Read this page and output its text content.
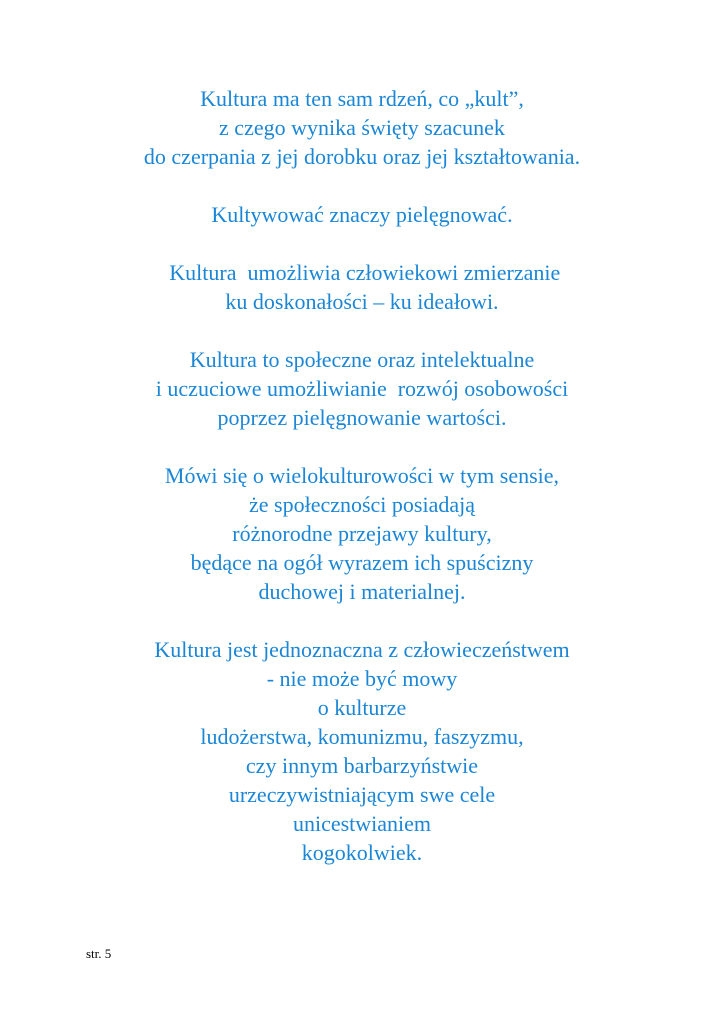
Kultura ma ten sam rdzeń, co „kult”,
z czego wynika święty szacunek
do czerpania z jej dorobku oraz jej kształtowania.
Kultywować znaczy pielęgnować.
Kultura  umożliwia człowiekowi zmierzanie
ku doskonałości – ku ideałowi.
Kultura to społeczne oraz intelektualne
i uczuciowe umożliwianie  rozwój osobowości
poprzez pielęgnowanie wartości.
Mówi się o wielokulturowości w tym sensie,
że społeczności posiadają
różnorodne przejawy kultury,
będące na ogół wyrazem ich spuścizny
duchowej i materialnej.
Kultura jest jednoznaczna z człowieczeństwem
- nie może być mowy
o kulturze
ludożerstwa, komunizmu, faszyzmu,
czy innym barbarzyństwie
urzeczywistniającym swe cele
unicestwianiem
kogokolwiek.
str. 5
